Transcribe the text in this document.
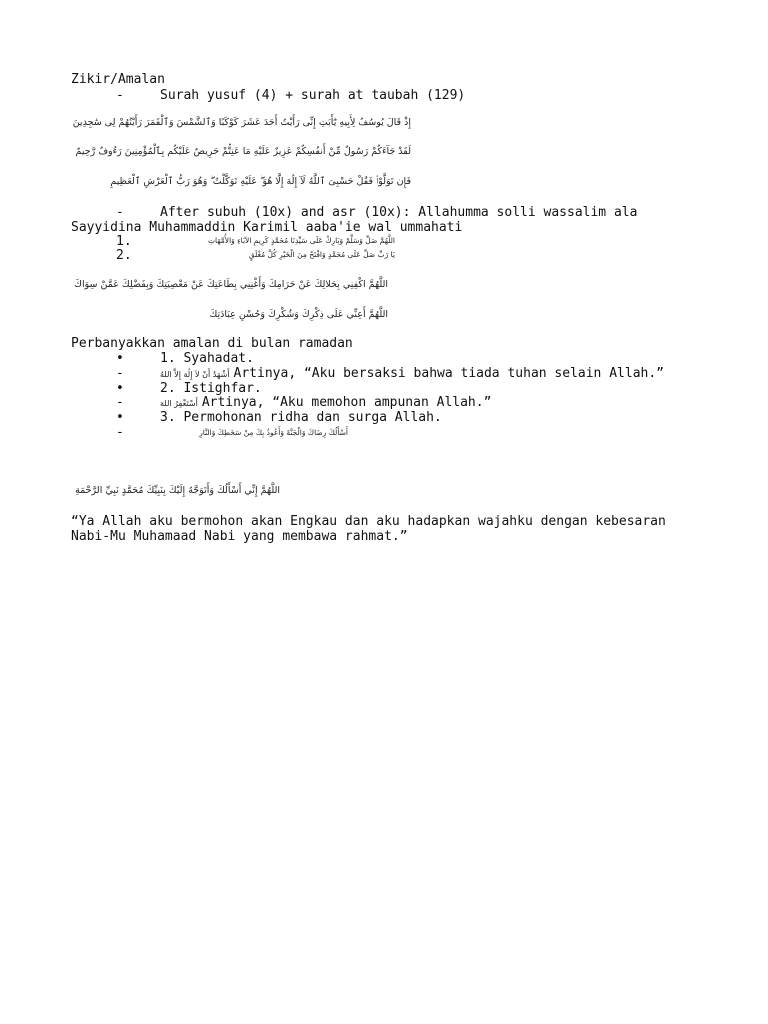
Zikir/Amalan
-	Surah yusuf (4) + surah at taubah (129)
إِذْ قَالَ يُوسُفُ لِأَبِيهِ يَٰٓأَبَتِ إِنِّى رَأَيْتُ أَحَدَ عَشَرَ كَوْكَبًا وَٱلشَّمْسَ وَٱلْقَمَرَ رَأَيْتُهُمْ لِى سَٰجِدِينَ
لَقَدْ جَآءَكُمْ رَسُولٌ مِّنْ أَنفُسِكُمْ عَزِيزٌ عَلَيْهِ مَا عَنِتُّمْ حَرِيصٌ عَلَيْكُم بِٱلْمُؤْمِنِينَ رَءُوفٌ رَّحِيمٌ
فَإِن تَوَلَّوْا۟ فَقُلْ حَسْبِىَ ٱللَّهُ لَآ إِلَٰهَ إِلَّا هُوَ ۖ عَلَيْهِ تَوَكَّلْتُ ۖ وَهُوَ رَبُّ ٱلْعَرْشِ ٱلْعَظِيمِ
-	After subuh (10x) and asr (10x): Allahumma solli wassalim ala Sayyidina Muhammaddin Karimil aaba'ie wal ummahati
1.	اللَّهُمَّ صَلِّ وَسَلِّمْ وَبَارِكْ عَلَى سَيِّدِنَا مُحَمَّدٍ كَرِيمِ الآبَاءِ وَالأُمَّهَاتِ
2.	يَا رَبِّ صَلِّ عَلَى مُحَمَّدٍ وَافْتَحْ مِنَ الْخَيْرِ كُلَّ مُغْلَقٍ
اللَّهُمَّ اكْفِنِي بِحَلالِكَ عَنْ حَرَامِكَ وَأَغْنِنِي بِطَاعَتِكَ عَنْ مَعْصِيَتِكَ وَبِفَضْلِكَ عَمَّنْ سِوَاكَ
اللَّهُمَّ أَعِنِّي عَلَى ذِكْرِكَ وَشُكْرِكَ وَحُسْنِ عِبَادَتِكَ
Perbanyakkan amalan di bulan ramadan
•	1. Syahadat.
-	أَشْهَدُ أَنْ لاَ إِلَٰهَ إِلاَّ اللهُ Artinya, “Aku bersaksi bahwa tiada tuhan selain Allah.”
•	2. Istighfar.
-	أَسْتَغْفِرُ اللهَ Artinya, “Aku memohon ampunan Allah.”
•	3. Permohonan ridha dan surga Allah.
-	أَسْأَلُكَ رِضَاكَ وَالْجَنَّةَ وَأَعُوذُ بِكَ مِنْ سَخَطِكَ وَالنَّارِ
اللَّهُمَّ إِنِّي أَسْأَلُكَ وَأَتَوَجَّهُ إِلَيْكَ بِنَبِيِّكَ مُحَمَّدٍ نَبِيِّ الرَّحْمَةِ
“Ya Allah aku bermohon akan Engkau dan aku hadapkan wajahku dengan kebesaran Nabi-Mu Muhamaad Nabi yang membawa rahmat.”
